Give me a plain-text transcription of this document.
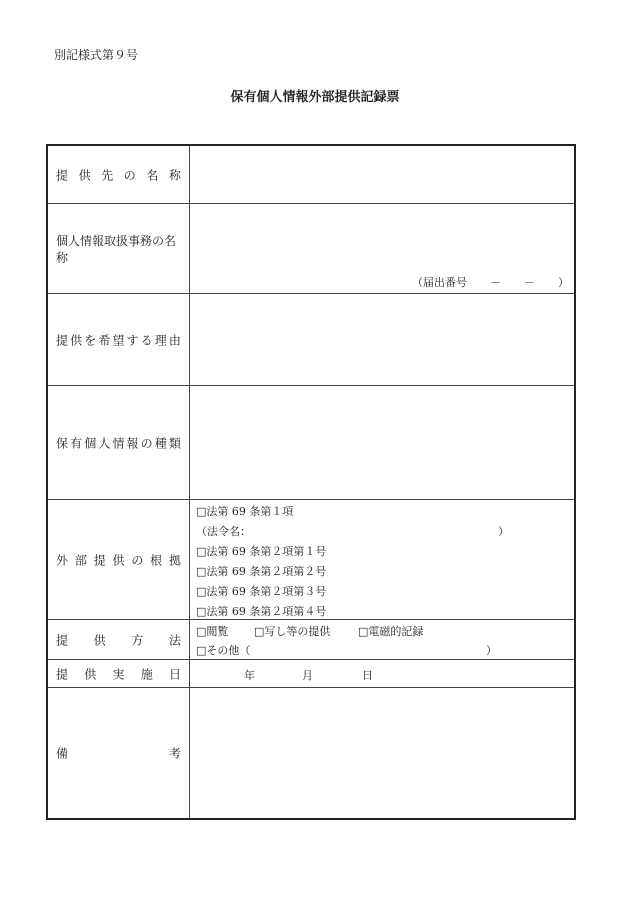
別記様式第９号
保有個人情報外部提供記録票
提 供 先 の 名 称
個人情報取扱事務の名称
（届出番号 － － ）
提 供 を 希 望 す る 理 由
保 有 個 人 情 報 の 種 類
外 部 提 供 の 根 拠
□法第 69 条第１項
（法令名：	）
□法第 69 条第２項第１号
□法第 69 条第２項第２号
□法第 69 条第２項第３号
□法第 69 条第２項第４号
提 供 方 法
□閲覧 □写し等の提供	□電磁的記録
□その他（	）
提 供 実 施 日	年	月	日
備	考
